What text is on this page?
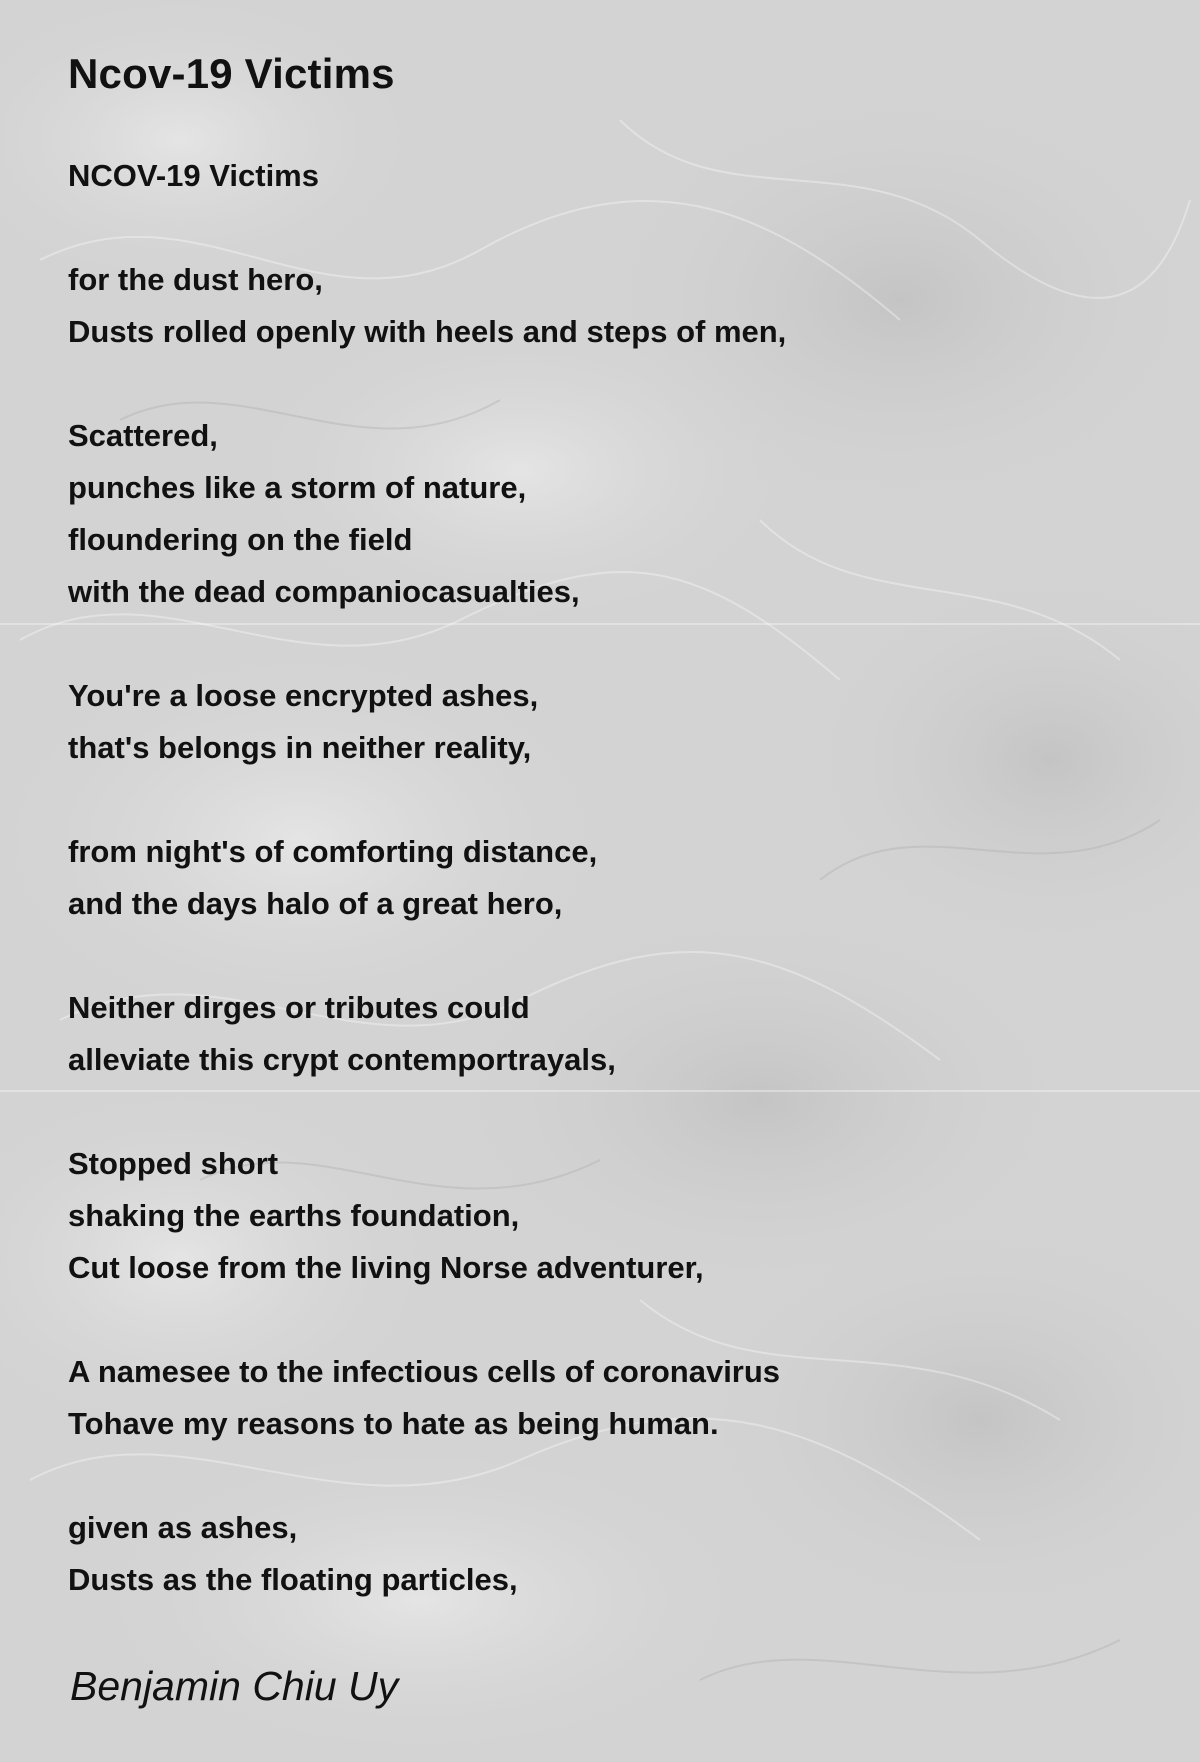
Ncov-19 Victims
NCOV-19 Victims
for the dust hero,
Dusts rolled openly with heels and steps of men,
Scattered,
punches like a storm of nature,
floundering on the field
with the dead companiocasualties,
You're a loose encrypted ashes,
that's belongs in neither reality,
from night's of comforting distance,
and the days halo of a great hero,
Neither dirges or tributes could
alleviate this crypt contemportrayals,
Stopped short
shaking the earths foundation,
Cut loose from the living Norse adventurer,
A namesee to the infectious cells of coronavirus
Tohave my reasons to hate as being human.
given as ashes,
Dusts as the floating particles,
Benjamin Chiu Uy
